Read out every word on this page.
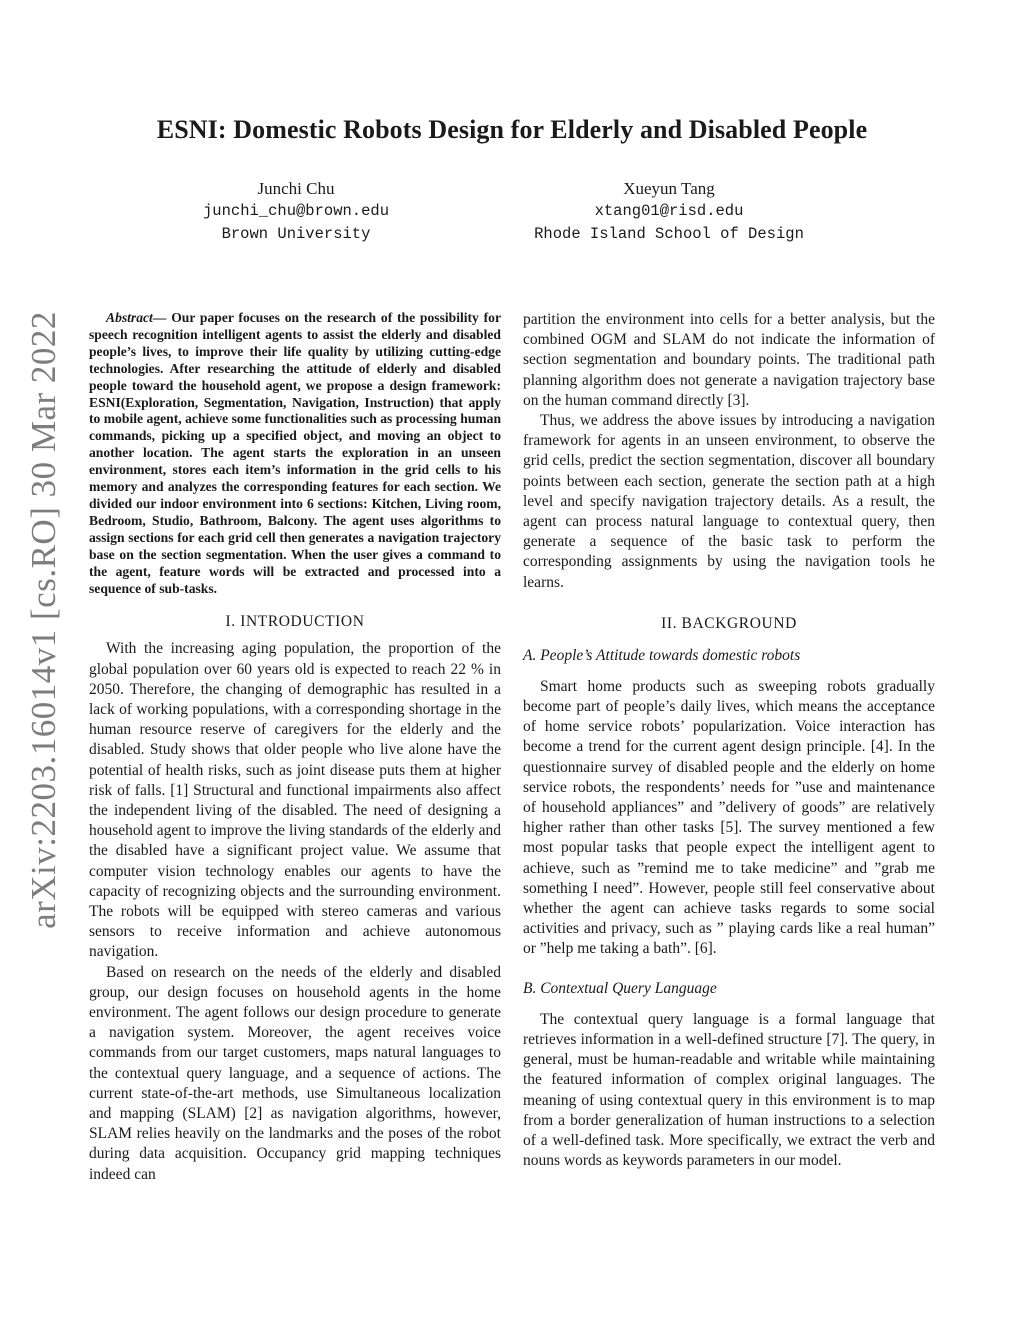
ESNI: Domestic Robots Design for Elderly and Disabled People
Junchi Chu
junchi_chu@brown.edu
Brown University
Xueyun Tang
xtang01@risd.edu
Rhode Island School of Design
arXiv:2203.16014v1 [cs.RO] 30 Mar 2022	Abstract— Our paper focuses on the research of the possibility for speech recognition intelligent agents to assist the elderly and disabled people’s lives, to improve their life quality by utilizing cutting-edge technologies. After researching the attitude of elderly and disabled people toward the household agent, we propose a design framework: ESNI(Exploration, Segmentation, Navigation, Instruction) that apply to mobile agent, achieve some functionalities such as processing human commands, picking up a specified object, and moving an object to another location. The agent starts the exploration in an unseen environment, stores each item’s information in the grid cells to his memory and analyzes the corresponding features for each section. We divided our indoor environment into 6 sections: Kitchen, Living room, Bedroom, Studio, Bathroom, Balcony. The agent uses algorithms to assign sections for each grid cell then generates a navigation trajectory base on the section segmentation. When the user gives a command to the agent, feature words will be extracted and processed into a sequence of sub-tasks.

I. INTRODUCTION

With the increasing aging population, the proportion of the global population over 60 years old is expected to reach 22 % in 2050. Therefore, the changing of demographic has resulted in a lack of working populations, with a corresponding shortage in the human resource reserve of caregivers for the elderly and the disabled. Study shows that older people who live alone have the potential of health risks, such as joint disease puts them at higher risk of falls. [1] Structural and functional impairments also affect the independent living of the disabled. The need of designing a household agent to improve the living standards of the elderly and the disabled have a significant project value. We assume that computer vision technology enables our agents to have the capacity of recognizing objects and the surrounding environment. The robots will be equipped with stereo cameras and various sensors to receive information and achieve autonomous navigation.

Based on research on the needs of the elderly and disabled group, our design focuses on household agents in the home environment. The agent follows our design procedure to generate a navigation system. Moreover, the agent receives voice commands from our target customers, maps natural languages to the contextual query language, and a sequence of actions. The current state-of-the-art methods, use Simultaneous localization and mapping (SLAM) [2] as navigation algorithms, however, SLAM relies heavily on the landmarks and the poses of the robot during data acquisition. Occupancy grid mapping techniques indeed can

partition the environment into cells for a better analysis, but the combined OGM and SLAM do not indicate the information of section segmentation and boundary points. The traditional path planning algorithm does not generate a navigation trajectory base on the human command directly [3].

Thus, we address the above issues by introducing a navigation framework for agents in an unseen environment, to observe the grid cells, predict the section segmentation, discover all boundary points between each section, generate the section path at a high level and specify navigation trajectory details. As a result, the agent can process natural language to contextual query, then generate a sequence of the basic task to perform the corresponding assignments by using the navigation tools he learns.

II. BACKGROUND
A. People’s Attitude towards domestic robots

Smart home products such as sweeping robots gradually become part of people’s daily lives, which means the acceptance of home service robots’ popularization. Voice interaction has become a trend for the current agent design principle. [4]. In the questionnaire survey of disabled people and the elderly on home service robots, the respondents’ needs for ”use and maintenance of household appliances” and ”delivery of goods” are relatively higher rather than other tasks [5]. The survey mentioned a few most popular tasks that people expect the intelligent agent to achieve, such as ”remind me to take medicine” and ”grab me something I need”. However, people still feel conservative about whether the agent can achieve tasks regards to some social activities and privacy, such as ” playing cards like a real human” or ”help me taking a bath”. [6].

B. Contextual Query Language

The contextual query language is a formal language that retrieves information in a well-defined structure [7]. The query, in general, must be human-readable and writable while maintaining the featured information of complex original languages. The meaning of using contextual query in this environment is to map from a border generalization of human instructions to a selection of a well-defined task. More specifically, we extract the verb and nouns words as keywords parameters in our model.
